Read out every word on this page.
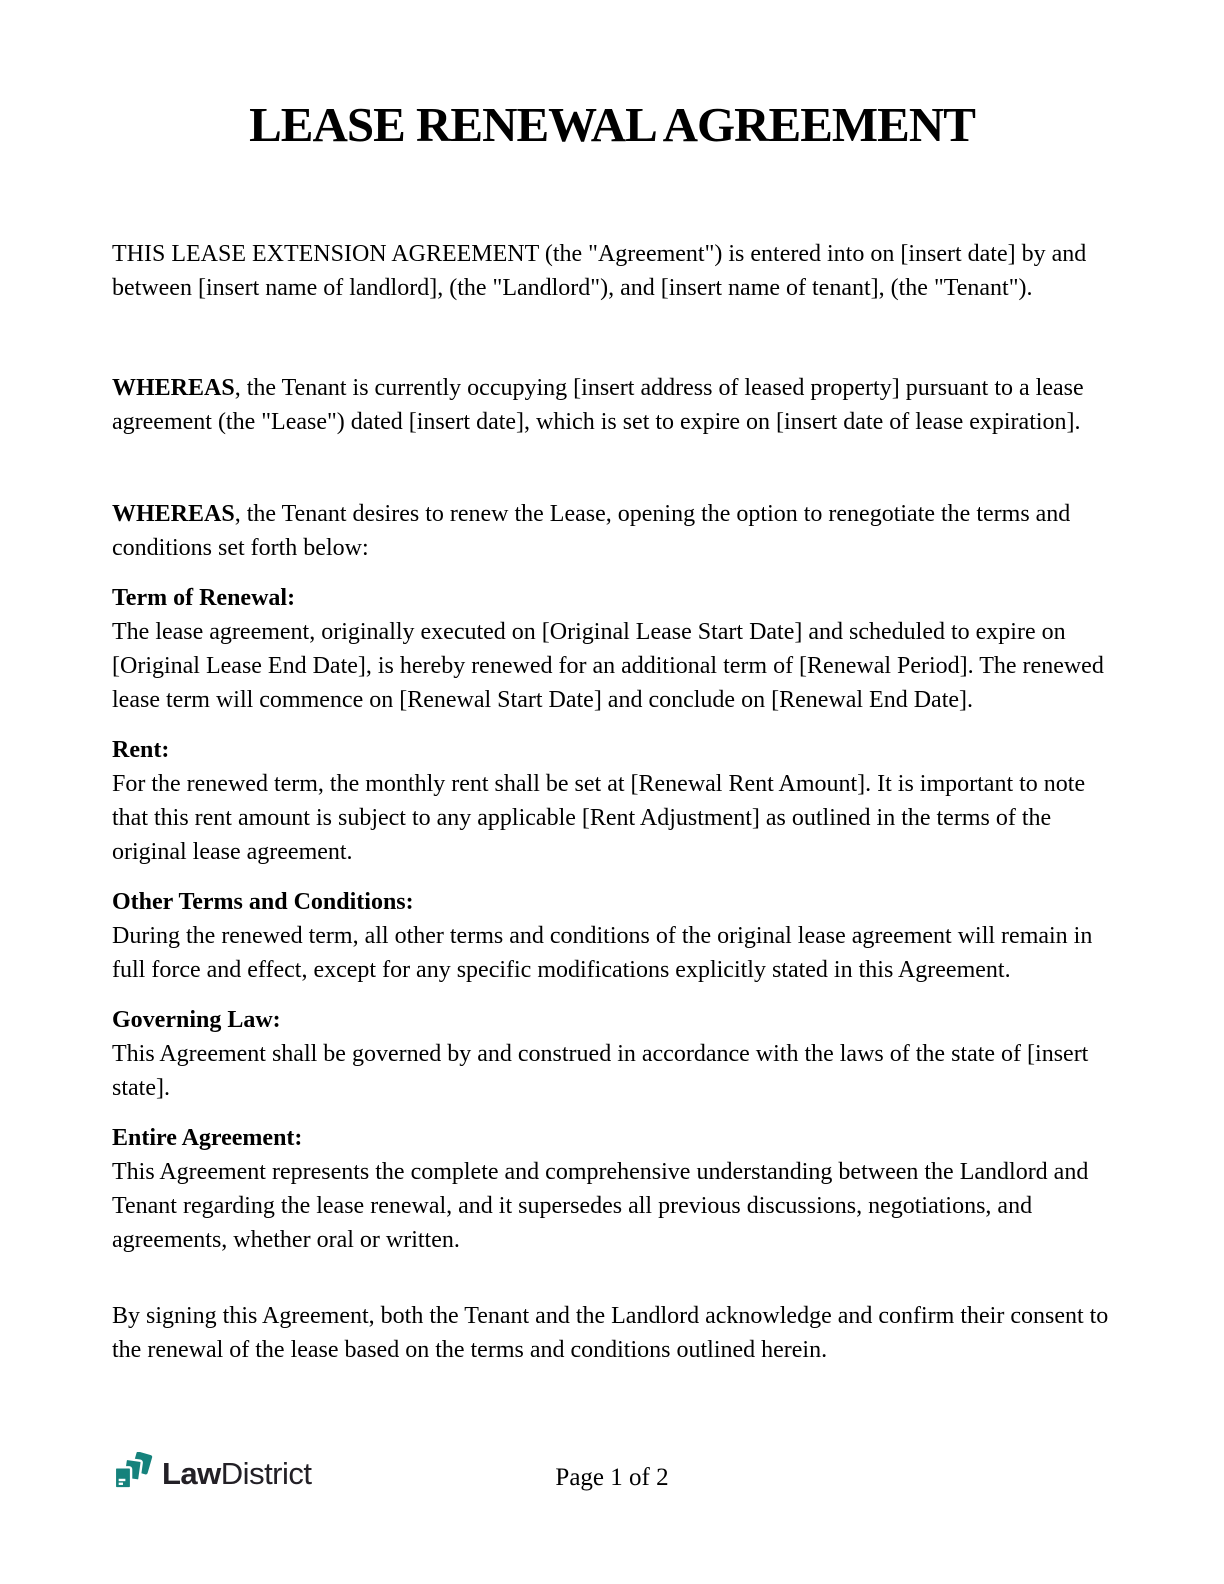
LEASE RENEWAL AGREEMENT

THIS LEASE EXTENSION AGREEMENT (the "Agreement") is entered into on [insert date] by and between [insert name of landlord], (the "Landlord"), and [insert name of tenant], (the "Tenant").

WHEREAS, the Tenant is currently occupying [insert address of leased property] pursuant to a lease agreement (the "Lease") dated [insert date], which is set to expire on [insert date of lease expiration].

WHEREAS, the Tenant desires to renew the Lease, opening the option to renegotiate the terms and conditions set forth below:

Term of Renewal:
The lease agreement, originally executed on [Original Lease Start Date] and scheduled to expire on [Original Lease End Date], is hereby renewed for an additional term of [Renewal Period]. The renewed lease term will commence on [Renewal Start Date] and conclude on [Renewal End Date].
Rent:
For the renewed term, the monthly rent shall be set at [Renewal Rent Amount]. It is important to note that this rent amount is subject to any applicable [Rent Adjustment] as outlined in the terms of the original lease agreement.
Other Terms and Conditions:
During the renewed term, all other terms and conditions of the original lease agreement will remain in full force and effect, except for any specific modifications explicitly stated in this Agreement.
Governing Law:
This Agreement shall be governed by and construed in accordance with the laws of the state of [insert state].
Entire Agreement:
This Agreement represents the complete and comprehensive understanding between the Landlord and Tenant regarding the lease renewal, and it supersedes all previous discussions, negotiations, and agreements, whether oral or written.

By signing this Agreement, both the Tenant and the Landlord acknowledge and confirm their consent to the renewal of the lease based on the terms and conditions outlined herein.

LawDistrict	Page 1 of 2
